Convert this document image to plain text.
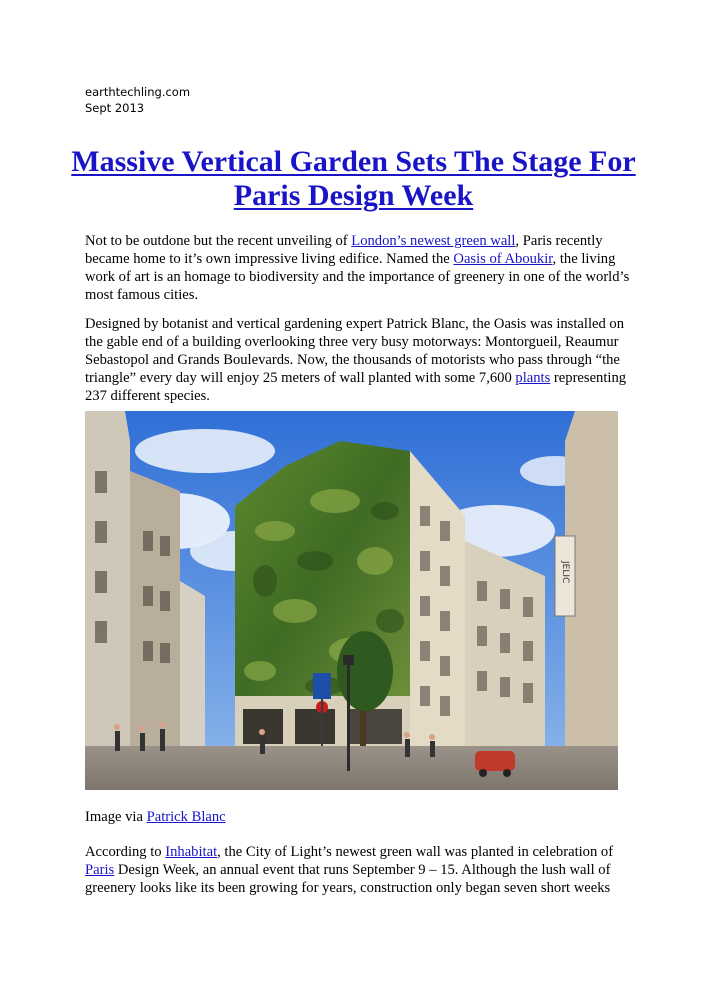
earthtechling.com
Sept 2013
Massive Vertical Garden Sets The Stage For
Paris Design Week

Not to be outdone but the recent unveiling of London’s newest green wall, Paris recently became home to it’s own impressive living edifice. Named the Oasis of Aboukir, the living work of art is an homage to biodiversity and the importance of greenery in one of the world’s most famous cities.

Designed by botanist and vertical gardening expert Patrick Blanc, the Oasis was installed on the gable end of a building overlooking three very busy motorways: Montorgueil, Reaumur Sebastopol and Grands Boulevards. Now, the thousands of motorists who pass through “the triangle” every day will enjoy 25 meters of wall planted with some 7,600 plants representing 237 different species.

JELIC

Image via Patrick Blanc

According to Inhabitat, the City of Light’s newest green wall was planted in celebration of Paris Design Week, an annual event that runs September 9 – 15. Although the lush wall of greenery looks like its been growing for years, construction only began seven short weeks
